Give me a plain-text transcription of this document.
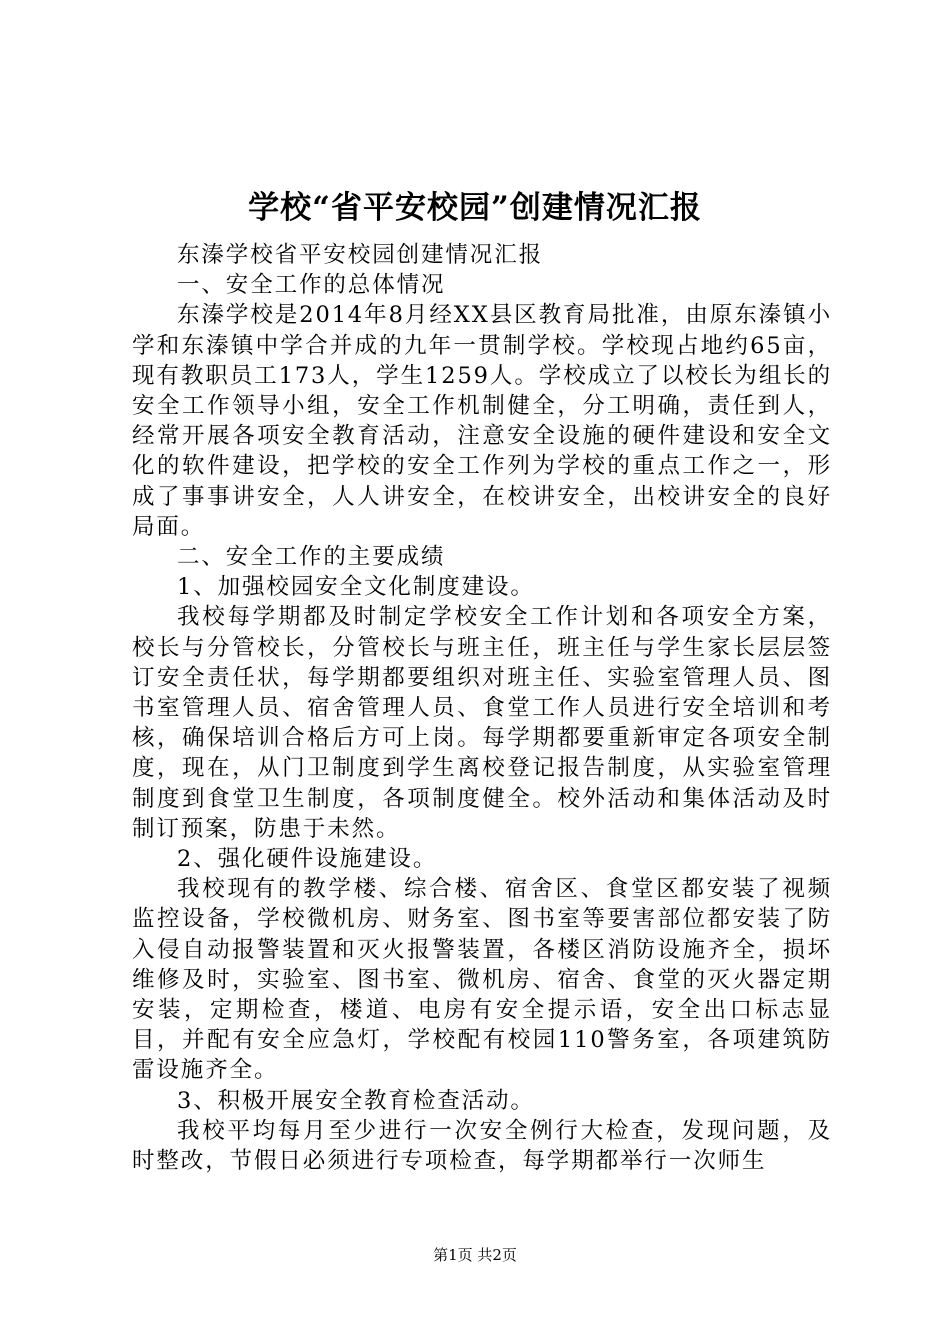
学校“省平安校园”创建情况汇报

东溱学校省平安校园创建情况汇报

一、安全工作的总体情况

东溱学校是2014年8月经XX县区教育局批准，由原东溱镇小学和东溱镇中学合并成的九年一贯制学校。学校现占地约65亩，现有教职员工173人，学生1259人。学校成立了以校长为组长的安全工作领导小组，安全工作机制健全，分工明确，责任到人，经常开展各项安全教育活动，注意安全设施的硬件建设和安全文化的软件建设，把学校的安全工作列为学校的重点工作之一，形成了事事讲安全，人人讲安全，在校讲安全，出校讲安全的良好局面。

二、安全工作的主要成绩

1、加强校园安全文化制度建设。

我校每学期都及时制定学校安全工作计划和各项安全方案，校长与分管校长，分管校长与班主任，班主任与学生家长层层签订安全责任状，每学期都要组织对班主任、实验室管理人员、图书室管理人员、宿舍管理人员、食堂工作人员进行安全培训和考核，确保培训合格后方可上岗。每学期都要重新审定各项安全制度，现在，从门卫制度到学生离校登记报告制度，从实验室管理制度到食堂卫生制度，各项制度健全。校外活动和集体活动及时制订预案，防患于未然。

2、强化硬件设施建设。

我校现有的教学楼、综合楼、宿舍区、食堂区都安装了视频监控设备，学校微机房、财务室、图书室等要害部位都安装了防入侵自动报警装置和灭火报警装置，各楼区消防设施齐全，损坏维修及时，实验室、图书室、微机房、宿舍、食堂的灭火器定期安装，定期检查，楼道、电房有安全提示语，安全出口标志显目，并配有安全应急灯，学校配有校园110警务室，各项建筑防雷设施齐全。

3、积极开展安全教育检查活动。

我校平均每月至少进行一次安全例行大检查，发现问题，及时整改，节假日必须进行专项检查，每学期都举行一次师生

第1页 共2页
